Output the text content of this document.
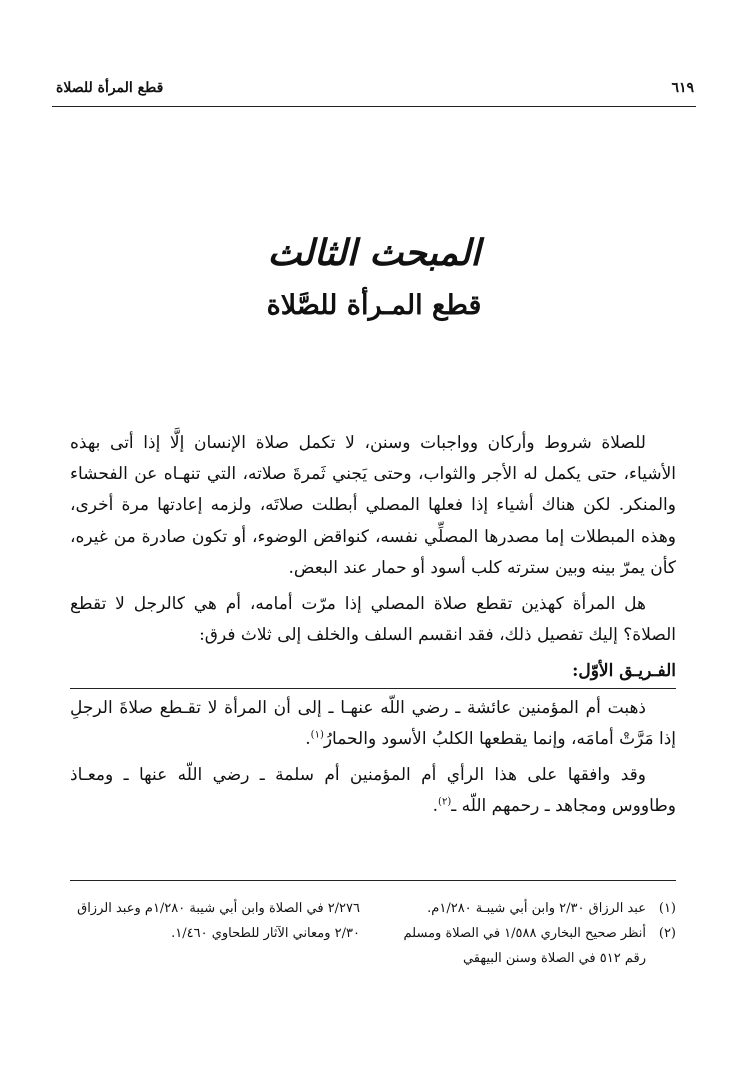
٦١٩
قطع المرأة للصلاة
المبحث الثالث
قطع المـرأة للصَّلاة

للصلاة شروط وأركان وواجبات وسنن، لا تكمل صلاة الإنسان إلَّا إذا أتى بهذه الأشياء، حتى يكمل له الأجر والثواب، وحتى يَجني ثَمرةَ صلاته، التي تنهـاه عن الفحشاء والمنكر. لكن هناك أشياء إذا فعلها المصلي أبطلت صلاتَه، ولزمه إعادتها مرة أخرى، وهذه المبطلات إما مصدرها المصلِّي نفسه، كنواقض الوضوء، أو تكون صادرة من غيره، كأن يمرّ بينه وبين سترته كلب أسود أو حمار عند البعض.

هل المرأة كهذين تقطع صلاة المصلي إذا مرّت أمامه، أم هي كالرجل لا تقطع الصلاة؟ إليك تفصيل ذلك، فقد انقسم السلف والخلف إلى ثلاث فرق:

الفـريـق الأوّل:

ذهبت أم المؤمنين عائشة ـ رضي اللّه عنهـا ـ إلى أن المرأة لا تقـطع صلاةَ الرجلِ إذا مَرَّتْ أمامَه، وإنما يقطعها الكلبُ الأسود والحمارُ$^{(١)}$.

وقد وافقها على هذا الرأي أم المؤمنين أم سلمة ـ رضي اللّه عنها ـ ومعـاذ وطاووس ومجاهد ـ رحمهم اللّه ـ$^{(٢)}$.

(١)
عبد الرزاق ٢/٣٠ وابن أبي شيبـة ١/٢٨٠م.
(٢)
أنظر صحيح البخاري ١/٥٨٨ في الصلاة ومسلم رقم ٥١٢ في الصلاة وسنن البيهقي
٢/٢٧٦ في الصلاة وابن أبي شيبة ١/٢٨٠م وعبد الرزاق ٢/٣٠ ومعاني الآثار للطحاوي ١/٤٦٠.
